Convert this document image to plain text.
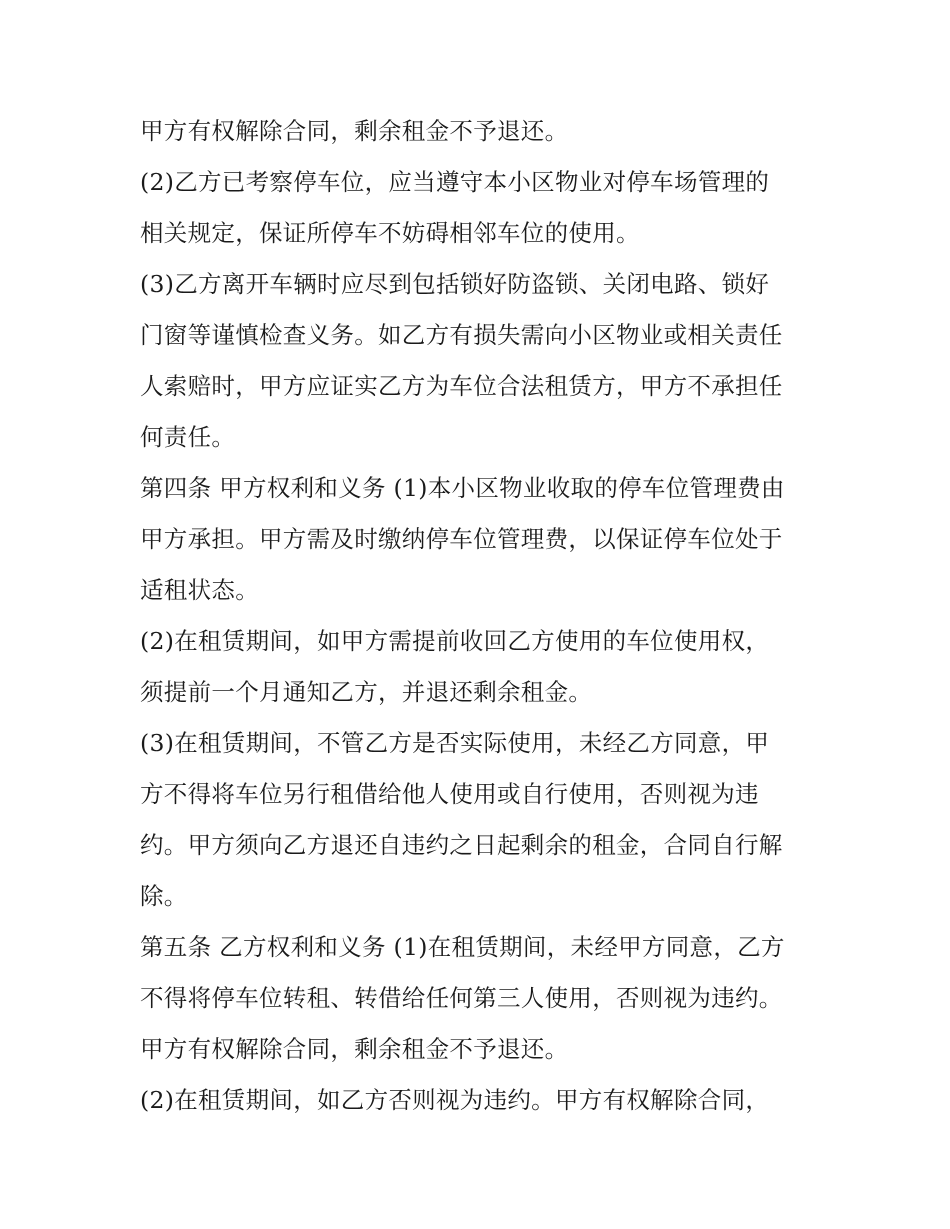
甲方有权解除合同，剩余租金不予退还。
(2)乙方已考察停车位，应当遵守本小区物业对停车场管理的
相关规定，保证所停车不妨碍相邻车位的使用。
(3)乙方离开车辆时应尽到包括锁好防盗锁、关闭电路、锁好
门窗等谨慎检查义务。如乙方有损失需向小区物业或相关责任
人索赔时，甲方应证实乙方为车位合法租赁方，甲方不承担任
何责任。
第四条 甲方权利和义务 (1)本小区物业收取的停车位管理费由
甲方承担。甲方需及时缴纳停车位管理费，以保证停车位处于
适租状态。
(2)在租赁期间，如甲方需提前收回乙方使用的车位使用权，
须提前一个月通知乙方，并退还剩余租金。
(3)在租赁期间，不管乙方是否实际使用，未经乙方同意，甲
方不得将车位另行租借给他人使用或自行使用，否则视为违
约。甲方须向乙方退还自违约之日起剩余的租金，合同自行解
除。
第五条 乙方权利和义务 (1)在租赁期间，未经甲方同意，乙方
不得将停车位转租、转借给任何第三人使用，否则视为违约。
甲方有权解除合同，剩余租金不予退还。
(2)在租赁期间，如乙方否则视为违约。甲方有权解除合同，
